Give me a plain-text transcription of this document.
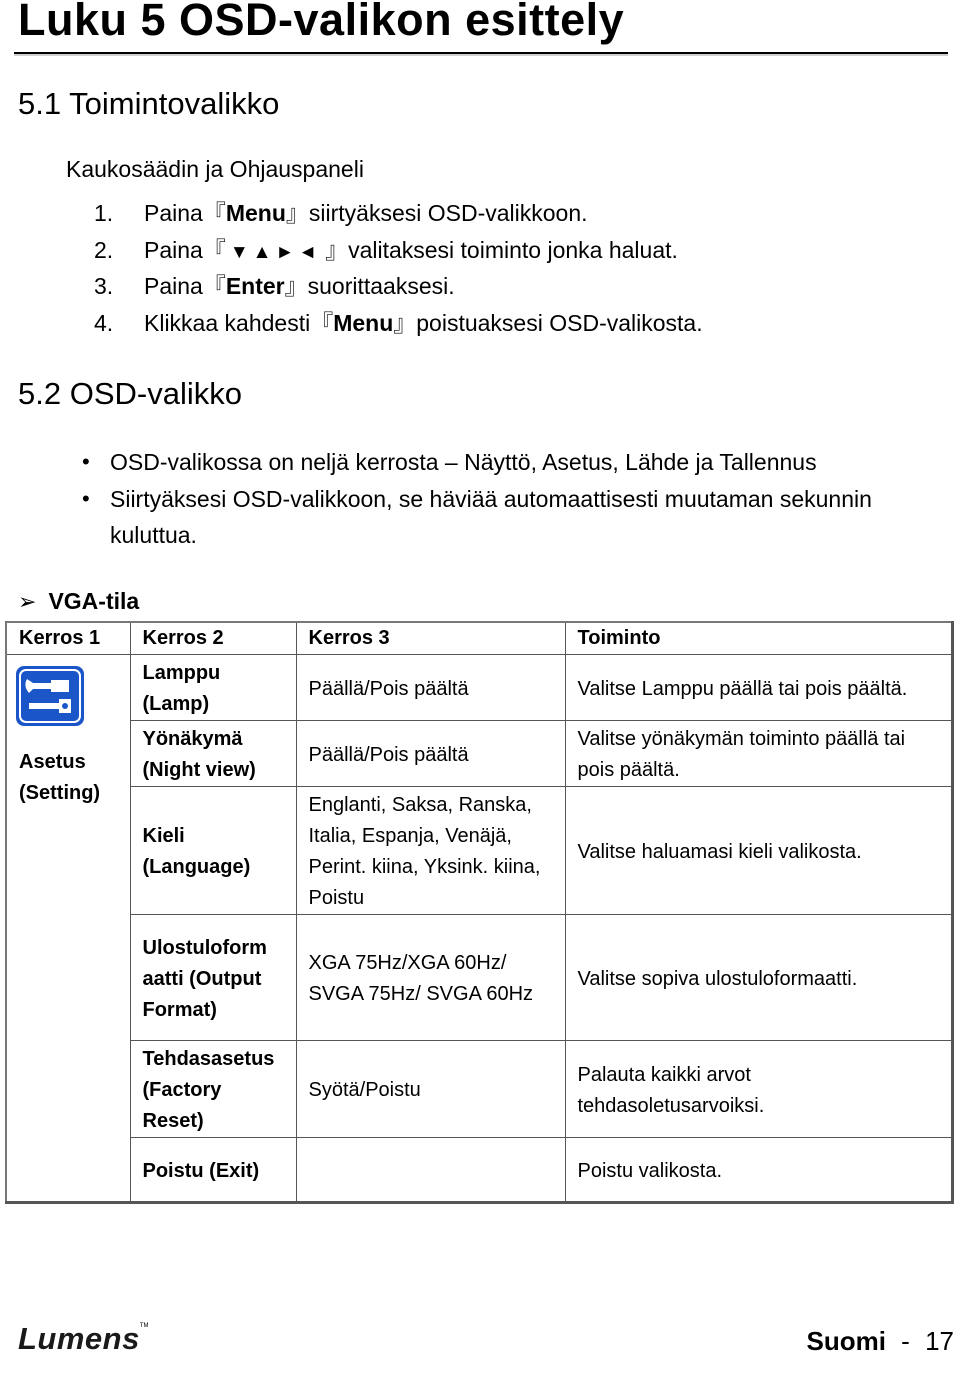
Luku 5 OSD-valikon esittely
5.1 Toimintovalikko
Kaukosäädin ja Ohjauspaneli
1. Paina『Menu』siirtyäksesi OSD-valikkoon.
2. Paina『 ▼▲►◄ 』valitaksesi toiminto jonka haluat.
3. Paina『Enter』suorittaaksesi.
4. Klikkaa kahdesti『Menu』poistuaksesi OSD-valikosta.
5.2 OSD-valikko
• OSD-valikossa on neljä kerrosta – Näyttö, Asetus, Lähde ja Tallennus
• Siirtyäksesi OSD-valikkoon, se häviää automaattisesti muutaman sekunnin kuluttua.
➢ VGA-tila
Kerros 1	Kerros 2	Kerros 3	Toiminto

Asetus
(Setting)	Lamppu (Lamp)	Päällä/Pois päältä	Valitse Lamppu päällä tai pois päältä.
	Yönäkymä (Night view)	Päällä/Pois päältä	Valitse yönäkymän toiminto päällä tai pois päältä.
	Kieli (Language)	Englanti, Saksa, Ranska, Italia, Espanja, Venäjä, Perint. kiina, Yksink. kiina, Poistu	Valitse haluamasi kieli valikosta.
	Ulostuloform aatti (Output Format)	XGA 75Hz/XGA 60Hz/ SVGA 75Hz/ SVGA 60Hz	Valitse sopiva ulostuloformaatti.
	Tehdasasetus (Factory Reset)	Syötä/Poistu	Palauta kaikki arvot tehdasoletusarvoiksi.
	Poistu (Exit)		Poistu valikosta.
Lumens™	Suomi - 17
